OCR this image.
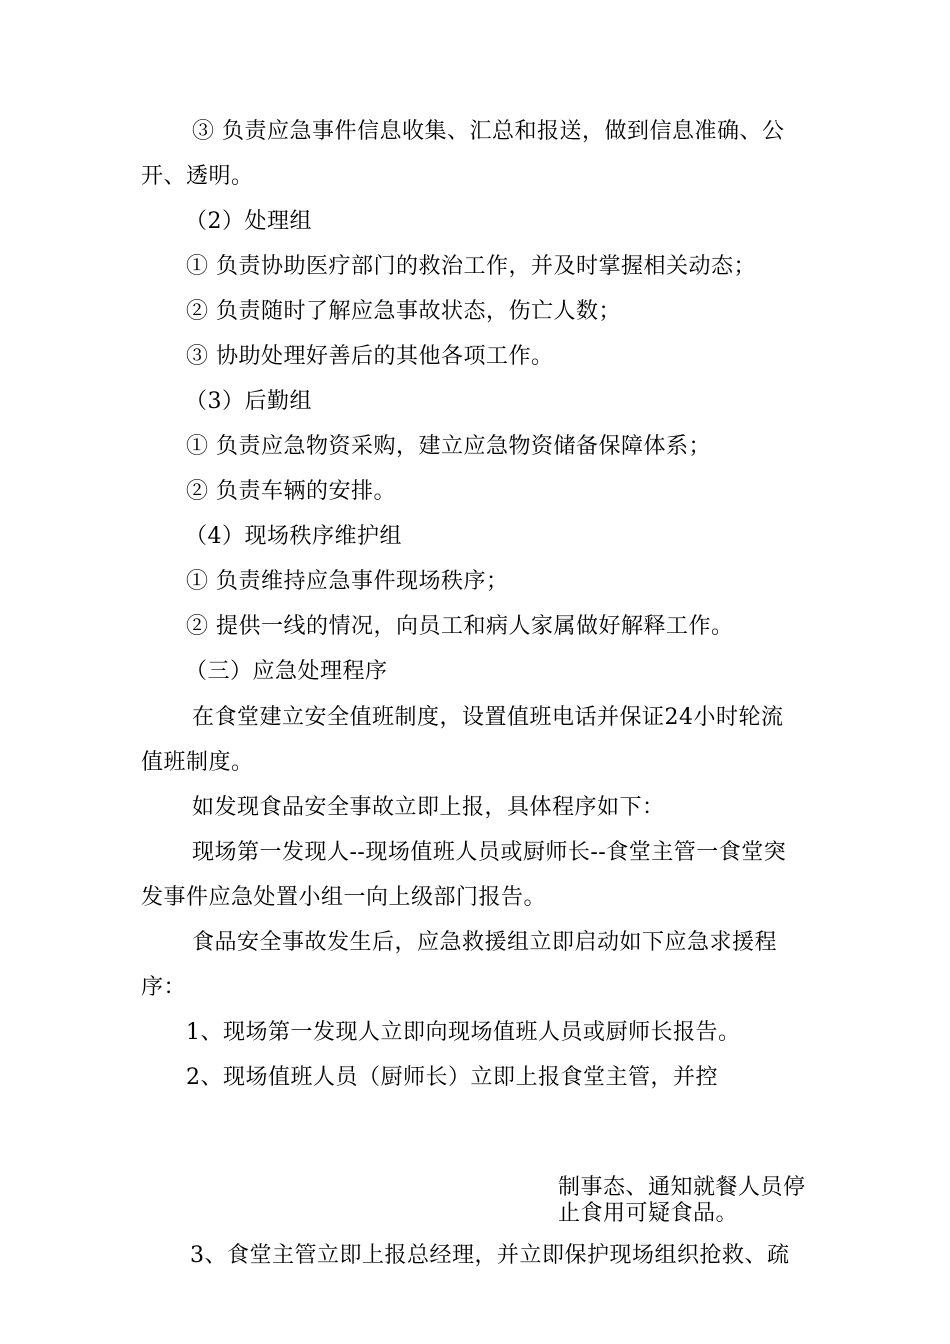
③ 负责应急事件信息收集、汇总和报送，做到信息准确、公
开、透明。
（2）处理组
① 负责协助医疗部门的救治工作，并及时掌握相关动态；
② 负责随时了解应急事故状态，伤亡人数；
③ 协助处理好善后的其他各项工作。
（3）后勤组
① 负责应急物资采购，建立应急物资储备保障体系；
② 负责车辆的安排。
（4）现场秩序维护组
① 负责维持应急事件现场秩序；
② 提供一线的情况，向员工和病人家属做好解释工作。
（三）应急处理程序
在食堂建立安全值班制度，设置值班电话并保证24小时轮流
值班制度。
如发现食品安全事故立即上报，具体程序如下：
现场第一发现人--现场值班人员或厨师长--食堂主管一食堂突
发事件应急处置小组一向上级部门报告。
食品安全事故发生后，应急救援组立即启动如下应急求援程
序：
1、现场第一发现人立即向现场值班人员或厨师长报告。
2、现场值班人员（厨师长）立即上报食堂主管，并控
制事态、通知就餐人员停
止食用可疑食品。
3、食堂主管立即上报总经理，并立即保护现场组织抢救、疏
